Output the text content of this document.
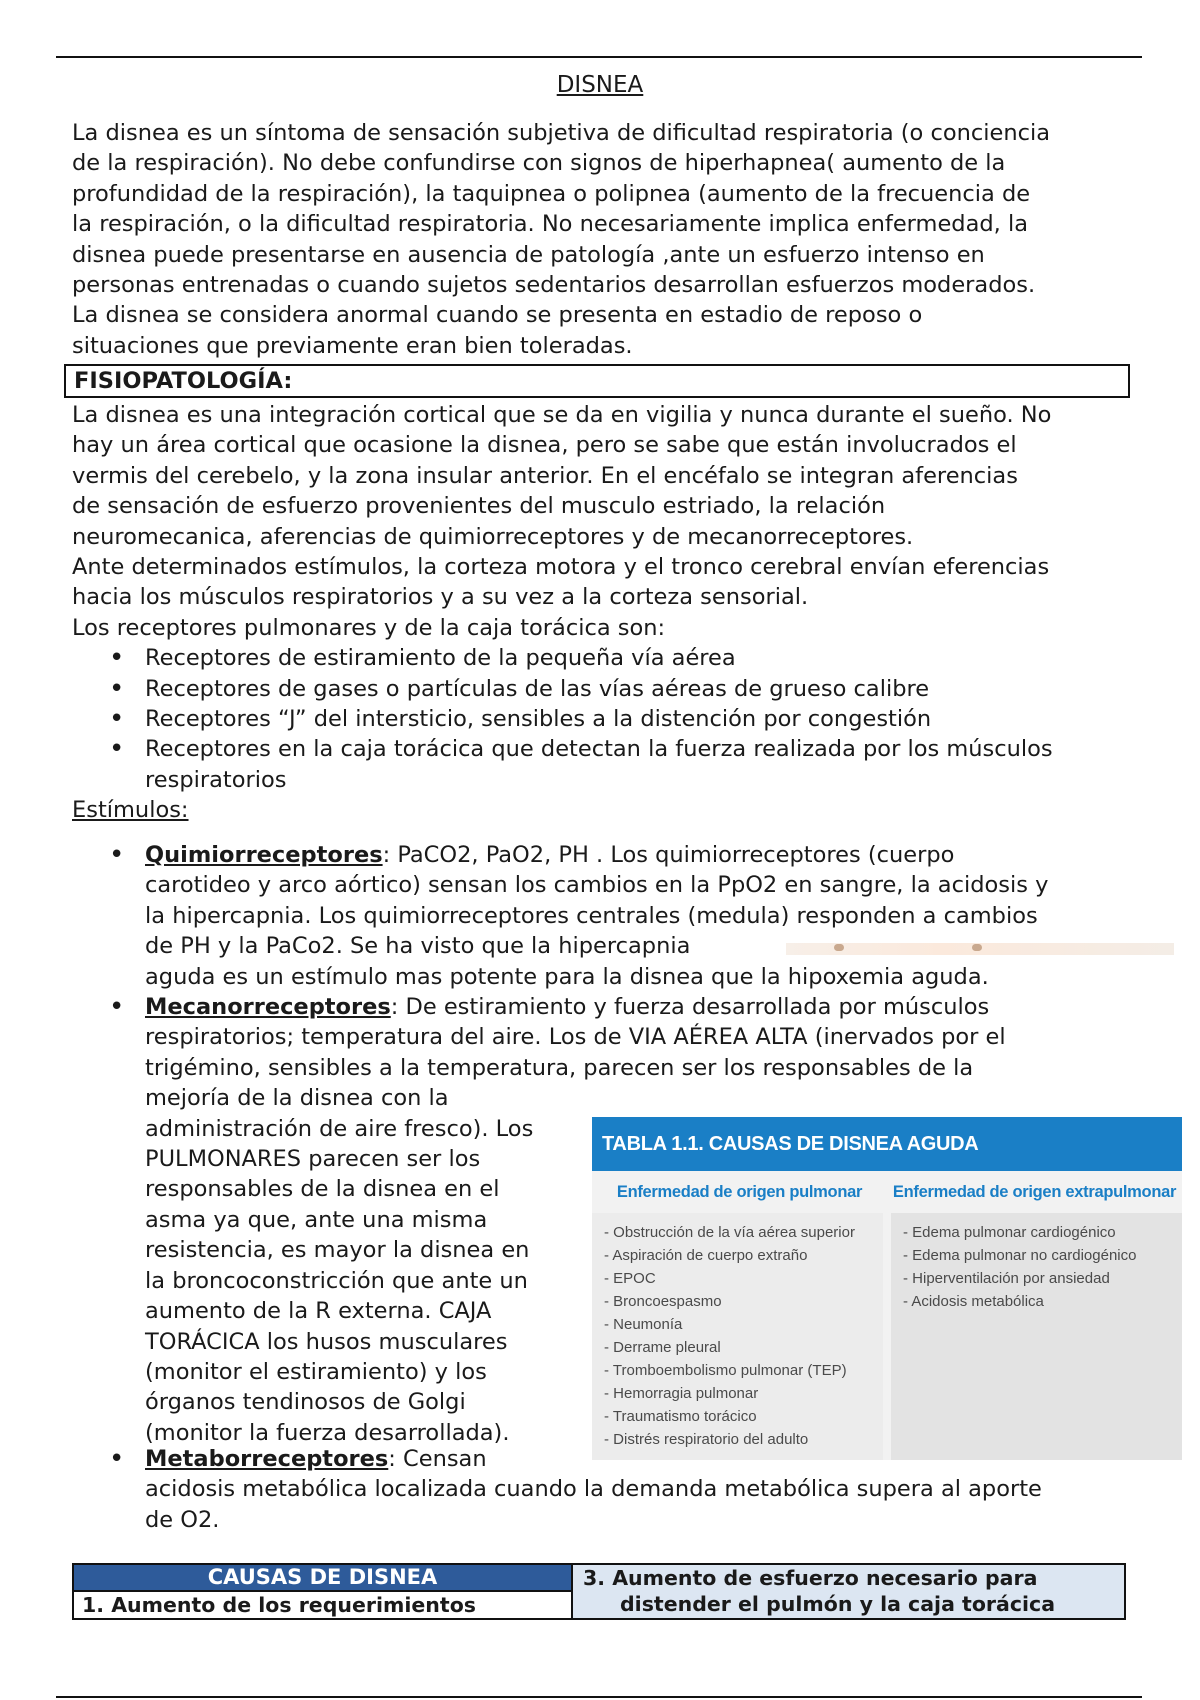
DISNEA
La disnea es un síntoma de sensación subjetiva de dificultad respiratoria (o conciencia
de la respiración). No debe confundirse con signos de hiperhapnea( aumento de la
profundidad de la respiración), la taquipnea o polipnea (aumento de la frecuencia de
la respiración, o la dificultad respiratoria. No necesariamente implica enfermedad, la
disnea puede presentarse en ausencia de patología ,ante un esfuerzo intenso en
personas entrenadas o cuando sujetos sedentarios desarrollan esfuerzos moderados.
La disnea se considera anormal cuando se presenta en estadio de reposo o
situaciones que previamente eran bien toleradas.
FISIOPATOLOGÍA:
La disnea es una integración cortical que se da en vigilia y nunca durante el sueño. No
hay un área cortical que ocasione la disnea, pero se sabe que están involucrados el
vermis del cerebelo, y la zona insular anterior. En el encéfalo se integran aferencias
de sensación de esfuerzo provenientes del musculo estriado, la relación
neuromecanica, aferencias de quimiorreceptores y de mecanorreceptores.
Ante determinados estímulos, la corteza motora y el tronco cerebral envían eferencias
hacia los músculos respiratorios y a su vez a la corteza sensorial.
Los receptores pulmonares y de la caja torácica son:
• Receptores de estiramiento de la pequeña vía aérea
• Receptores de gases o partículas de las vías aéreas de grueso calibre
• Receptores “J” del intersticio, sensibles a la distención por congestión
• Receptores en la caja torácica que detectan la fuerza realizada por los músculos respiratorios
Estímulos:
• Quimiorreceptores: PaCO2, PaO2, PH . Los quimiorreceptores (cuerpo
carotideo y arco aórtico) sensan los cambios en la PpO2 en sangre, la acidosis y
la hipercapnia. Los quimiorreceptores centrales (medula) responden a cambios
de PH y la PaCo2. Se ha visto que la hipercapnia
aguda es un estímulo mas potente para la disnea que la hipoxemia aguda.
• Mecanorreceptores: De estiramiento y fuerza desarrollada por músculos
respiratorios; temperatura del aire. Los de VIA AÉREA ALTA (inervados por el
trigémino, sensibles a la temperatura, parecen ser los responsables de la
mejoría de la disnea con la
administración de aire fresco). Los
PULMONARES parecen ser los
responsables de la disnea en el
asma ya que, ante una misma
resistencia, es mayor la disnea en
la broncoconstricción que ante un
aumento de la R externa. CAJA
TORÁCICA los husos musculares
(monitor el estiramiento) y los
órganos tendinosos de Golgi
(monitor la fuerza desarrollada).
• Metaborreceptores: Censan
acidosis metabólica localizada cuando la demanda metabólica supera al aporte
de O2.
TABLA 1.1. CAUSAS DE DISNEA AGUDA
Enfermedad de origen pulmonar	Enfermedad de origen extrapulmonar
- Obstrucción de la vía aérea superior
- Aspiración de cuerpo extraño
- EPOC
- Broncoespasmo
- Neumonía
- Derrame pleural
- Tromboembolismo pulmonar (TEP)
- Hemorragia pulmonar
- Traumatismo torácico
- Distrés respiratorio del adulto
- Edema pulmonar cardiogénico
- Edema pulmonar no cardiogénico
- Hiperventilación por ansiedad
- Acidosis metabólica
CAUSAS DE DISNEA
1. Aumento de los requerimientos
3. Aumento de esfuerzo necesario para
distender el pulmón y la caja torácica
